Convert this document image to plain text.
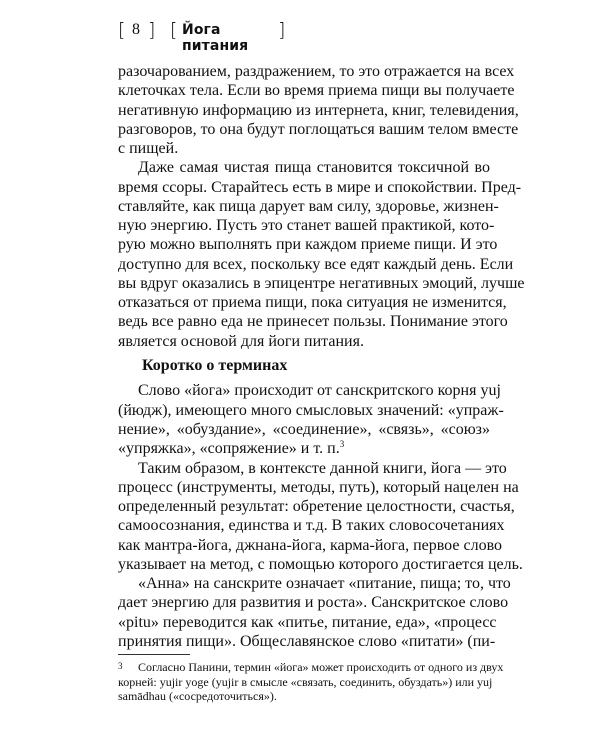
[ 8 ] [ Йога питания
]
разочарованием, раздражением, то это отражается на всех
клеточках тела. Если во время приема пищи вы получаете
негативную информацию из интернета, книг, телевидения,
разговоров, то она будут поглощаться вашим телом вместе
с пищей.
Даже самая чистая пища становится токсичной во
время ссоры. Старайтесь есть в мире и спокойствии. Пред-
ставляйте, как пища дарует вам силу, здоровье, жизнен-
ную энергию. Пусть это станет вашей практикой, кото-
рую можно выполнять при каждом приеме пищи. И это
доступно для всех, поскольку все едят каждый день. Если
вы вдруг оказались в эпицентре негативных эмоций, лучше
отказаться от приема пищи, пока ситуация не изменится,
ведь все равно еда не принесет пользы. Понимание этого
является основой для йоги питания.
Коротко о терминах
Слово «йога» происходит от санскритского корня yuj
(йюдж), имеющего много смысловых значений: «упраж-
нение», «обуздание», «соединение», «связь», «союз»
«упряжка», «сопряжение» и т. п.$^3$
Таким образом, в контексте данной книги, йога — это
процесс (инструменты, методы, путь), который нацелен на
определенный результат: обретение целостности, счастья,
самоосознания, единства и т.д. В таких словосочетаниях
как мантра-йога, джнана-йога, карма-йога, первое слово
указывает на метод, с помощью которого достигается цель.
«Анна» на санскрите означает «питание, пища; то, что
дает энергию для развития и роста». Санскритское слово
«pitu» переводится как «питье, питание, еда», «процесс
принятия пищи». Общеславянское слово «питати» (пи-
3 Согласно Панини, термин «йога» может происходить от одного из двух
корней: yujir yoge (yujir в смысле «связать, соединить, обуздать») или yuj
samādhau («сосредоточиться»).
